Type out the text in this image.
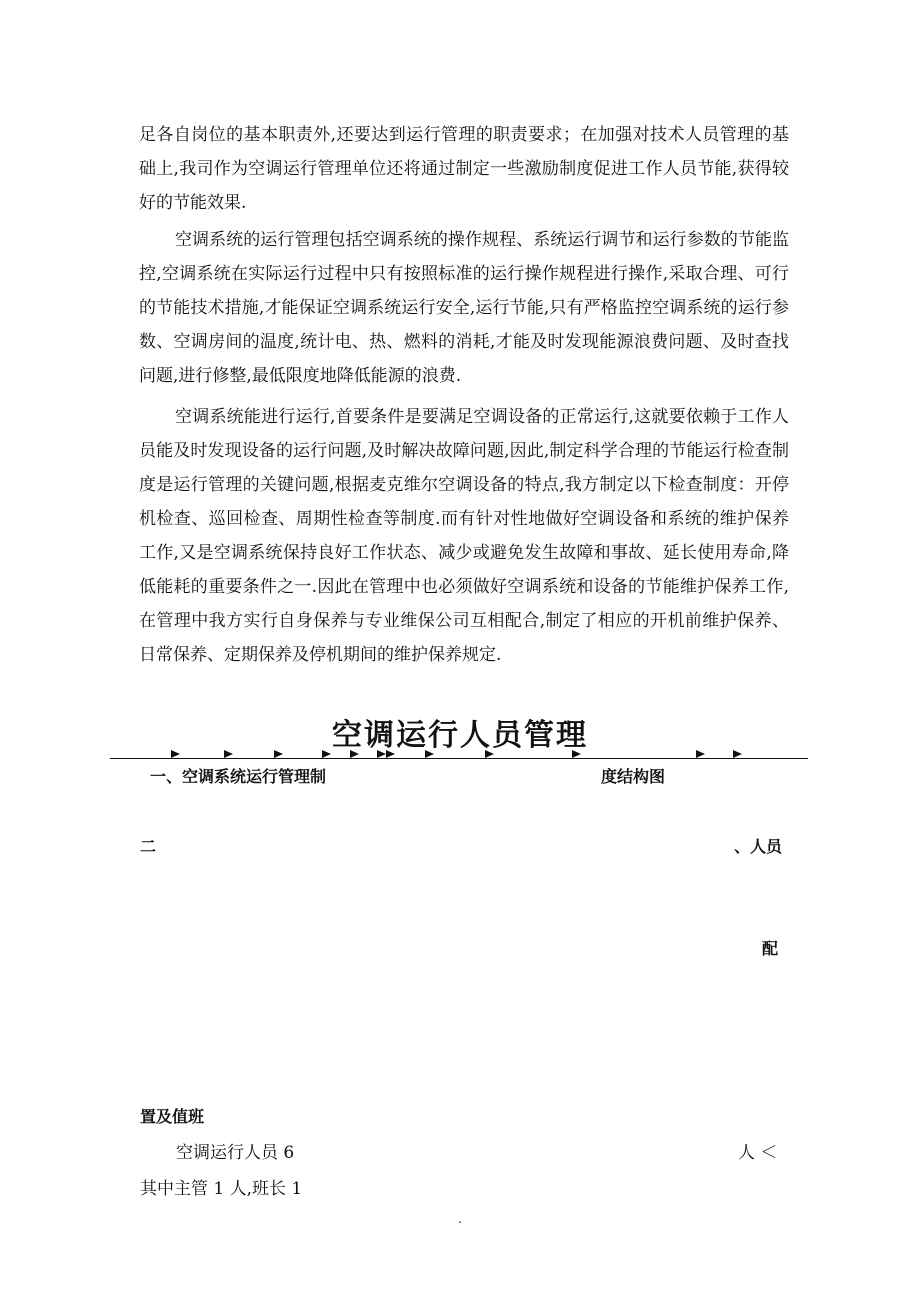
足各自岗位的基本职责外,还要达到运行管理的职责要求；在加强对技术人员管理的基础上,我司作为空调运行管理单位还将通过制定一些激励制度促进工作人员节能,获得较好的节能效果.

空调系统的运行管理包括空调系统的操作规程、系统运行调节和运行参数的节能监控,空调系统在实际运行过程中只有按照标准的运行操作规程进行操作,采取合理、可行的节能技术措施,才能保证空调系统运行安全,运行节能,只有严格监控空调系统的运行参数、空调房间的温度,统计电、热、燃料的消耗,才能及时发现能源浪费问题、及时查找问题,进行修整,最低限度地降低能源的浪费.

空调系统能进行运行,首要条件是要满足空调设备的正常运行,这就要依赖于工作人员能及时发现设备的运行问题,及时解决故障问题,因此,制定科学合理的节能运行检查制度是运行管理的关键问题,根据麦克维尔空调设备的特点,我方制定以下检查制度：开停机检查、巡回检查、周期性检查等制度.而有针对性地做好空调设备和系统的维护保养工作,又是空调系统保持良好工作状态、减少或避免发生故障和事故、延长使用寿命,降低能耗的重要条件之一.因此在管理中也必须做好空调系统和设备的节能维护保养工作,在管理中我方实行自身保养与专业维保公司互相配合,制定了相应的开机前维护保养、日常保养、定期保养及停机期间的维护保养规定.

空调运行人员管理

一、空调系统运行管理制	度结构图

二	、人员

配

置及值班

空调运行人员 6	人 ＜

其中主管 1 人,班长 1

.
